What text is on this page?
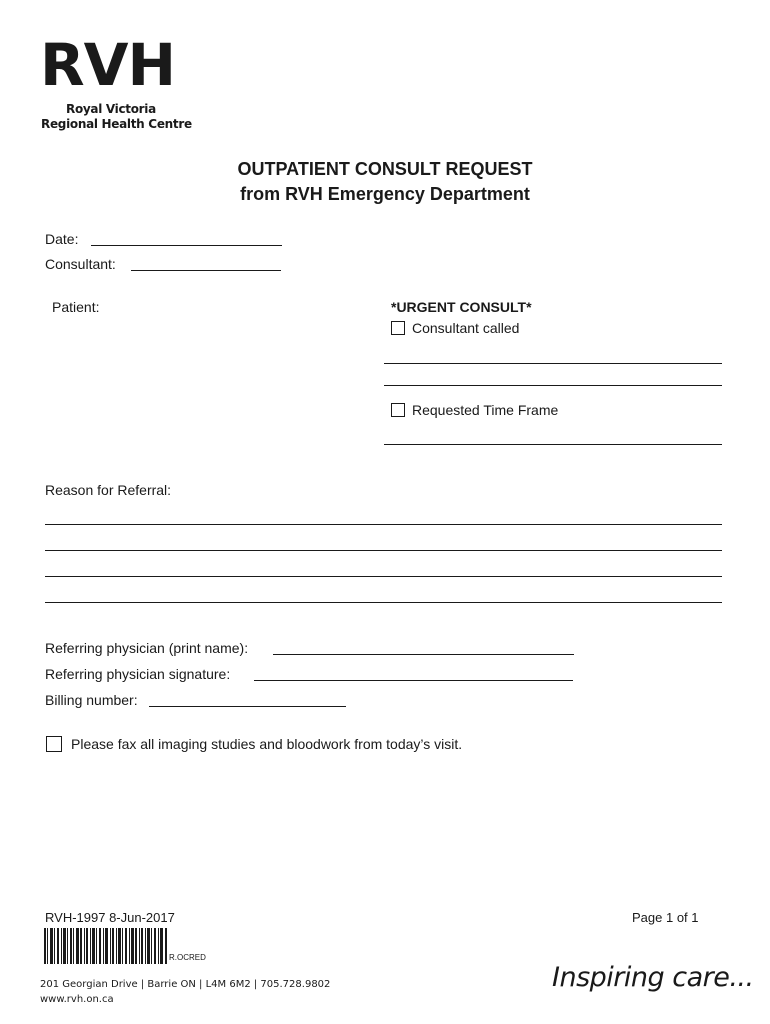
RVH
Royal Victoria
Regional Health Centre
OUTPATIENT CONSULT REQUEST
from RVH Emergency Department
Date:
Consultant:
Patient:	*URGENT CONSULT*
Consultant called
Requested Time Frame
Reason for Referral:
Referring physician (print name):
Referring physician signature:
Billing number:
Please fax all imaging studies and bloodwork from today’s visit.
RVH-1997 8-Jun-2017	Page 1 of 1
R.OCRED
201 Georgian Drive | Barrie ON | L4M 6M2 | 705.728.9802
www.rvh.on.ca
Inspiring care...
